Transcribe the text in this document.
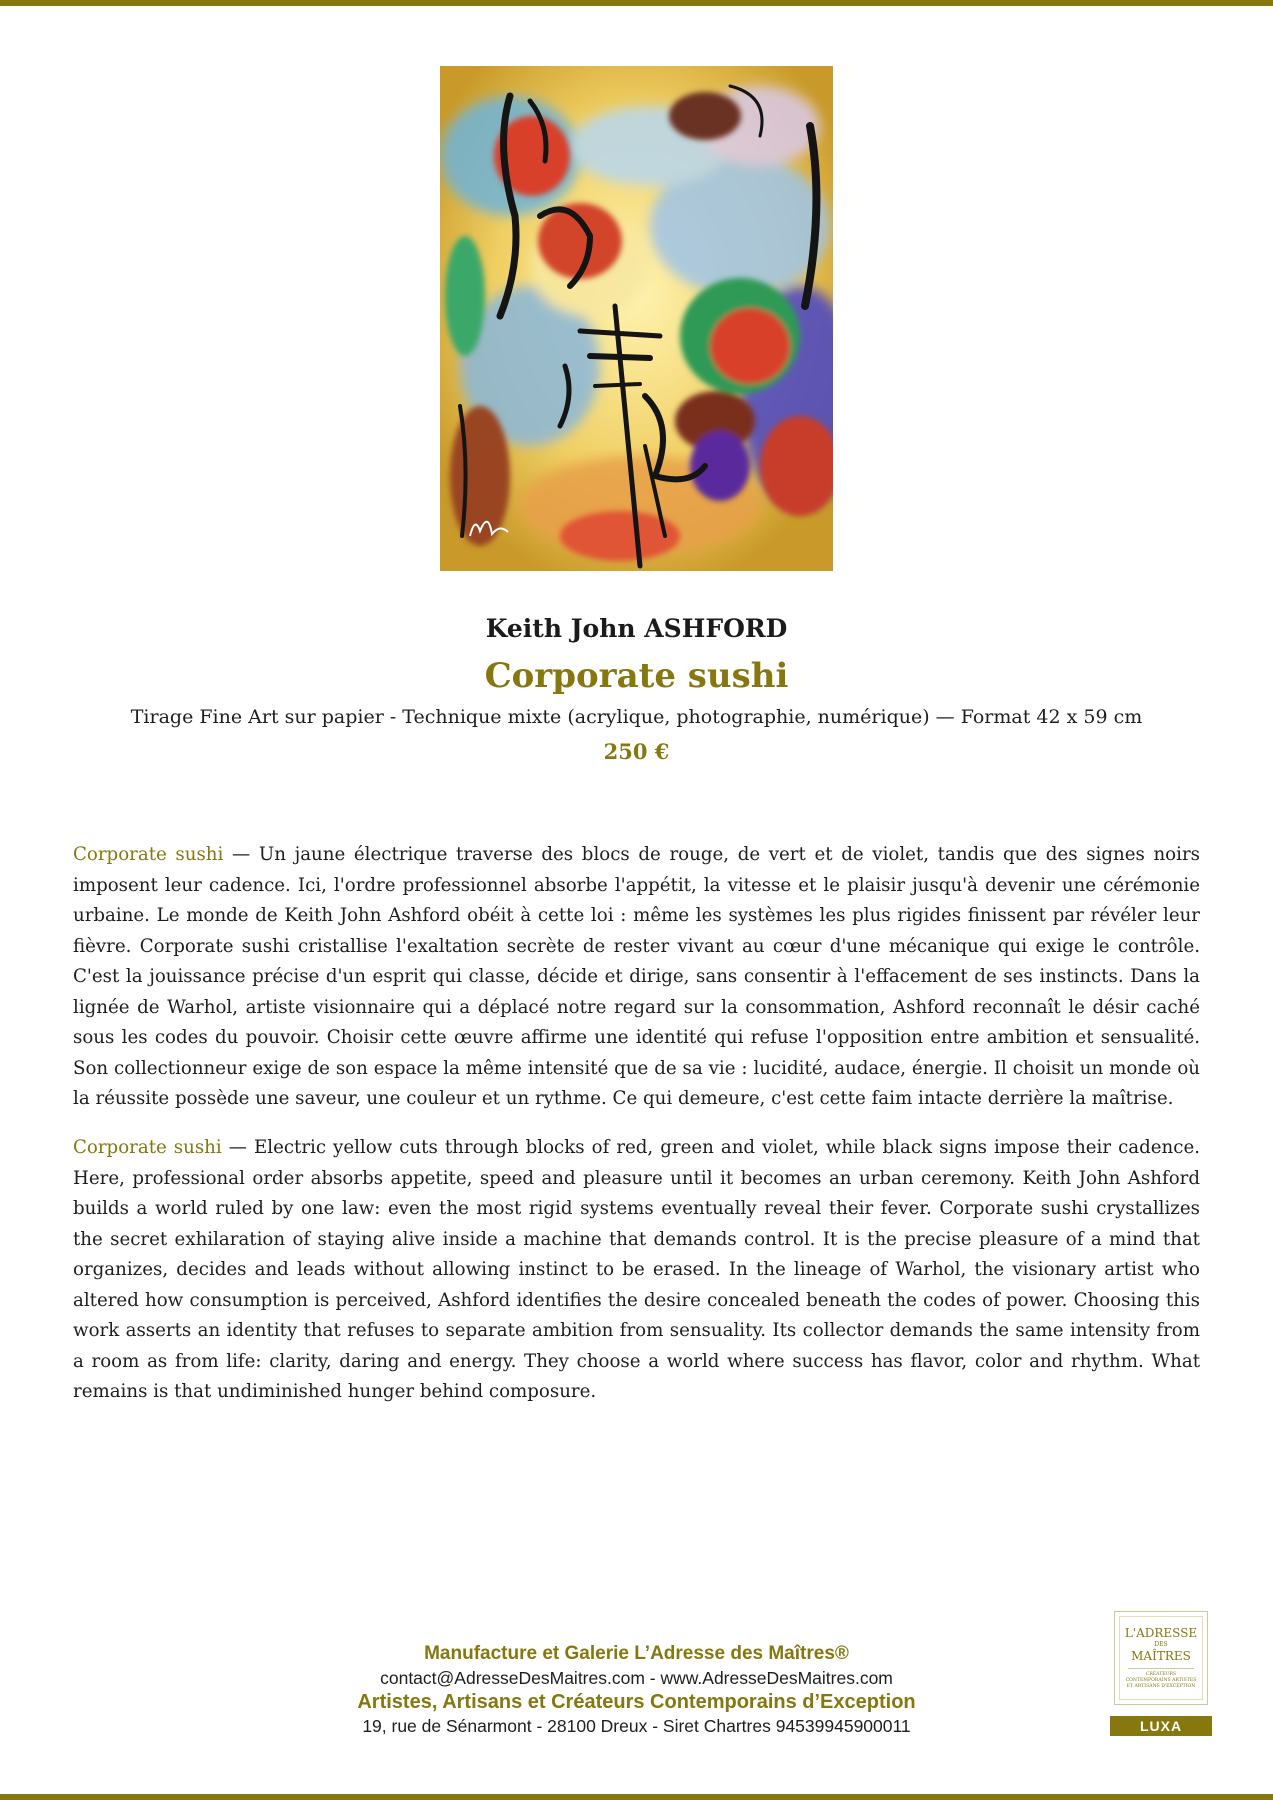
Keith John ASHFORD
Corporate sushi
Tirage Fine Art sur papier - Technique mixte (acrylique, photographie, numérique) — Format 42 x 59 cm
250 €

Corporate sushi — Un jaune électrique traverse des blocs de rouge, de vert et de violet, tandis que des signes noirs imposent leur cadence. Ici, l'ordre professionnel absorbe l'appétit, la vitesse et le plaisir jusqu'à devenir une cérémonie urbaine. Le monde de Keith John Ashford obéit à cette loi : même les systèmes les plus rigides finissent par révéler leur fièvre. Corporate sushi cristallise l'exaltation secrète de rester vivant au cœur d'une mécanique qui exige le contrôle. C'est la jouissance précise d'un esprit qui classe, décide et dirige, sans consentir à l'effacement de ses instincts. Dans la lignée de Warhol, artiste visionnaire qui a déplacé notre regard sur la consommation, Ashford reconnaît le désir caché sous les codes du pouvoir. Choisir cette œuvre affirme une identité qui refuse l'opposition entre ambition et sensualité. Son collectionneur exige de son espace la même intensité que de sa vie : lucidité, audace, énergie. Il choisit un monde où la réussite possède une saveur, une couleur et un rythme. Ce qui demeure, c'est cette faim intacte derrière la maîtrise.

Corporate sushi — Electric yellow cuts through blocks of red, green and violet, while black signs impose their cadence. Here, professional order absorbs appetite, speed and pleasure until it becomes an urban ceremony. Keith John Ashford builds a world ruled by one law: even the most rigid systems eventually reveal their fever. Corporate sushi crystallizes the secret exhilaration of staying alive inside a machine that demands control. It is the precise pleasure of a mind that organizes, decides and leads without allowing instinct to be erased. In the lineage of Warhol, the visionary artist who altered how consumption is perceived, Ashford identifies the desire concealed beneath the codes of power. Choosing this work asserts an identity that refuses to separate ambition from sensuality. Its collector demands the same intensity from a room as from life: clarity, daring and energy. They choose a world where success has flavor, color and rhythm. What remains is that undiminished hunger behind composure.

Manufacture et Galerie L’Adresse des Maîtres®
contact@AdresseDesMaitres.com - www.AdresseDesMaitres.com
Artistes, Artisans et Créateurs Contemporains d’Exception
19, rue de Sénarmont - 28100 Dreux - Siret Chartres 94539945900011
L'ADRESSE
DES
MAÎTRES
CRÉATEURS CONTEMPORAINS ARTISTES ET ARTISANS D'EXCEPTION
LUXA
